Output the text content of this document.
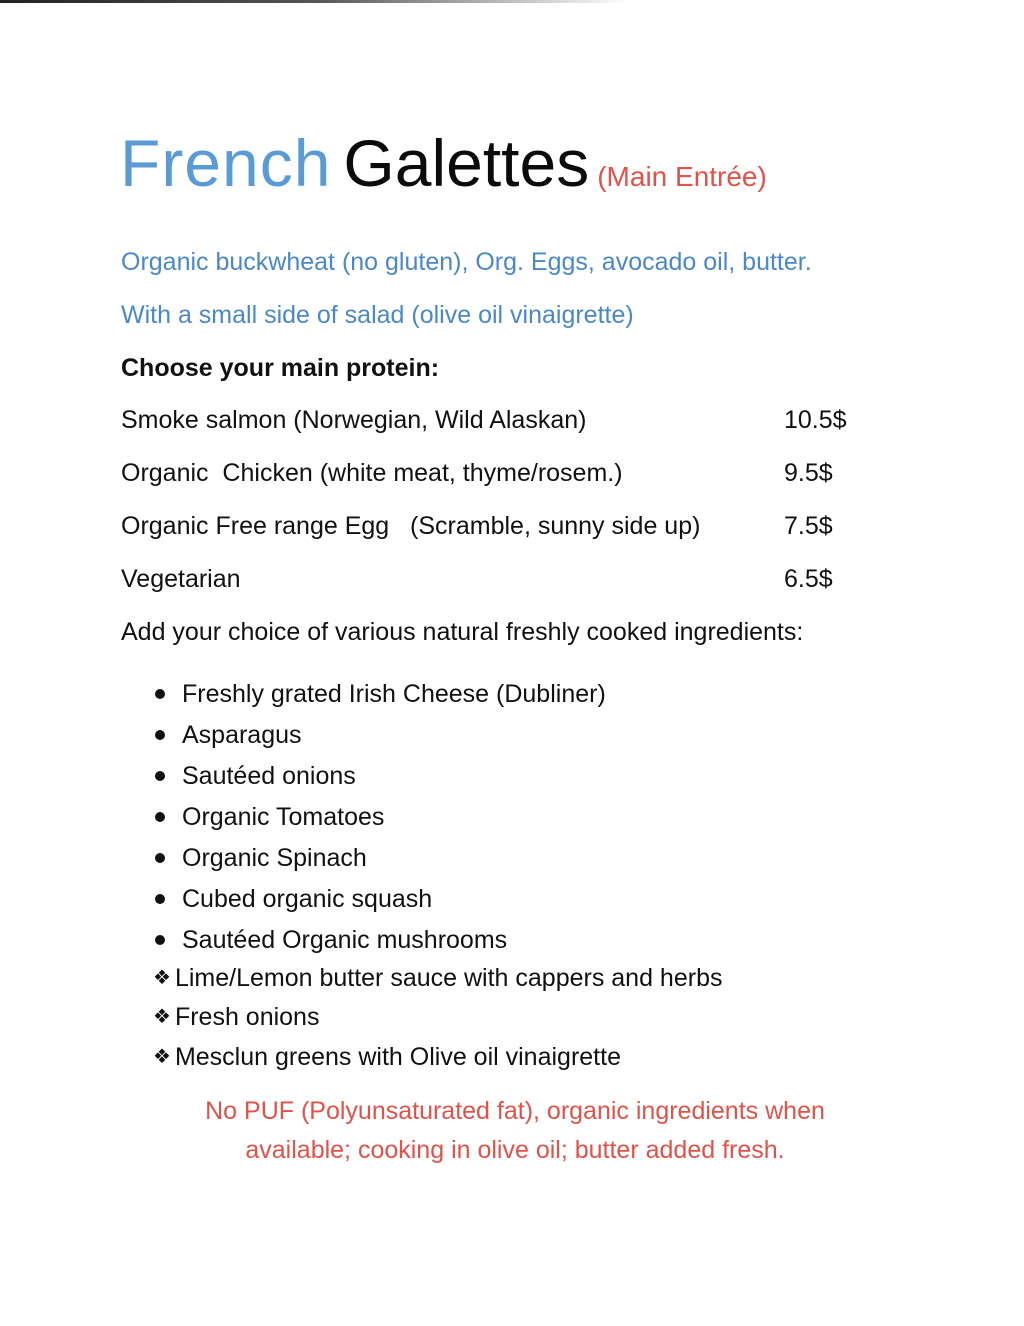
French Galettes (Main Entrée)
Organic buckwheat (no gluten), Org. Eggs, avocado oil, butter.
With a small side of salad (olive oil vinaigrette)
Choose your main protein:
Smoke salmon (Norwegian, Wild Alaskan)	10.5$
Organic  Chicken (white meat, thyme/rosem.)	9.5$
Organic Free range Egg   (Scramble, sunny side up)	7.5$
Vegetarian	6.5$
Add your choice of various natural freshly cooked ingredients:
Freshly grated Irish Cheese (Dubliner)
Asparagus
Sautéed onions
Organic Tomatoes
Organic Spinach
Cubed organic squash
Sautéed Organic mushrooms
❖ Lime/Lemon butter sauce with cappers and herbs
❖ Fresh onions
❖ Mesclun greens with Olive oil vinaigrette
No PUF (Polyunsaturated fat), organic ingredients when
available; cooking in olive oil; butter added fresh.
